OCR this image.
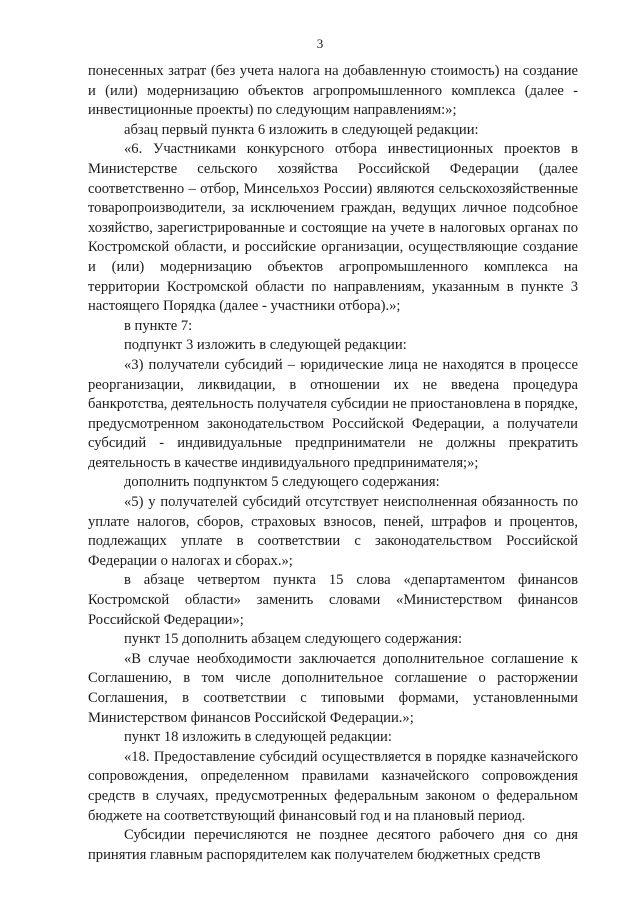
3

понесенных затрат (без учета налога на добавленную стоимость) на создание и (или) модернизацию объектов агропромышленного комплекса (далее - инвестиционные проекты) по следующим направлениям:»;

абзац первый пункта 6 изложить в следующей редакции:

«6. Участниками конкурсного отбора инвестиционных проектов в Министерстве сельского хозяйства Российской Федерации (далее соответственно – отбор, Минсельхоз России) являются сельскохозяйственные товаропроизводители, за исключением граждан, ведущих личное подсобное хозяйство, зарегистрированные и состоящие на учете в налоговых органах по Костромской области, и российские организации, осуществляющие создание и (или) модернизацию объектов агропромышленного комплекса на территории Костромской области по направлениям, указанным в пункте 3 настоящего Порядка (далее - участники отбора).»;

в пункте 7:

подпункт 3 изложить в следующей редакции:

«3) получатели субсидий – юридические лица не находятся в процессе реорганизации, ликвидации, в отношении их не введена процедура банкротства, деятельность получателя субсидии не приостановлена в порядке, предусмотренном законодательством Российской Федерации, а получатели субсидий - индивидуальные предприниматели не должны прекратить деятельность в качестве индивидуального предпринимателя;»;

дополнить подпунктом 5 следующего содержания:

«5) у получателей субсидий отсутствует неисполненная обязанность по уплате налогов, сборов, страховых взносов, пеней, штрафов и процентов, подлежащих уплате в соответствии с законодательством Российской Федерации о налогах и сборах.»;

в абзаце четвертом пункта 15 слова «департаментом финансов Костромской области» заменить словами «Министерством финансов Российской Федерации»;

пункт 15 дополнить абзацем следующего содержания:

«В случае необходимости заключается дополнительное соглашение к Соглашению, в том числе дополнительное соглашение о расторжении Соглашения, в соответствии с типовыми формами, установленными Министерством финансов Российской Федерации.»;

пункт 18 изложить в следующей редакции:

«18. Предоставление субсидий осуществляется в порядке казначейского сопровождения, определенном правилами казначейского сопровождения средств в случаях, предусмотренных федеральным законом о федеральном бюджете на соответствующий финансовый год и на плановый период.

Субсидии перечисляются не позднее десятого рабочего дня со дня принятия главным распорядителем как получателем бюджетных средств
